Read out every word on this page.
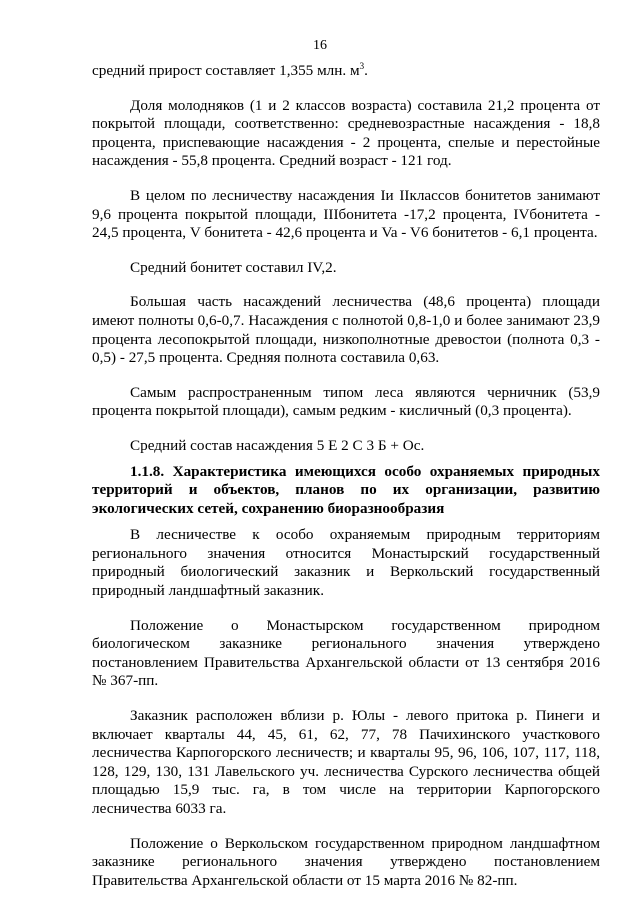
16

средний прирост составляет 1,355 млн. $м^3$.

Доля молодняков (1 и 2 классов возраста) составила 21,2 процента от покрытой площади, соответственно: средневозрастные насаждения - 18,8 процента, приспевающие насаждения - 2 процента, спелые и перестойные насаждения - 55,8 процента. Средний возраст - 121 год.

В целом по лесничеству насаждения Iи IIклассов бонитетов занимают 9,6 процента покрытой площади, IIIбонитета -17,2 процента, IVбонитета - 24,5 процента, V бонитета - 42,6 процента и Va - V6 бонитетов - 6,1 процента.

Средний бонитет составил IV,2.

Большая часть насаждений лесничества (48,6 процента) площади имеют полноты 0,6-0,7. Насаждения с полнотой 0,8-1,0 и более занимают 23,9 процента лесопокрытой площади, низкополнотные древостои (полнота 0,3 - 0,5) - 27,5 процента. Средняя полнота составила 0,63.

Самым распространенным типом леса являются черничник (53,9 процента покрытой площади), самым редким - кисличный (0,3 процента).

Средний состав насаждения 5 Е 2 С 3 Б + Ос.

1.1.8. Характеристика имеющихся особо охраняемых природных территорий и объектов, планов по их организации, развитию экологических сетей, сохранению биоразнообразия

В лесничестве к особо охраняемым природным территориям регионального значения относится Монастырский государственный природный биологический заказник и Веркольский государственный природный ландшафтный заказник.

Положение о Монастырском государственном природном биологическом заказнике регионального значения утверждено постановлением Правительства Архангельской области от 13 сентября 2016 № 367-пп.

Заказник расположен вблизи р. Юлы - левого притока р. Пинеги и включает кварталы 44, 45, 61, 62, 77, 78 Пачихинского участкового лесничества Карпогорского лесничеств; и кварталы 95, 96, 106, 107, 117, 118, 128, 129, 130, 131 Лавельского уч. лесничества Сурского лесничества общей площадью 15,9 тыс. га, в том числе на территории Карпогорского лесничества 6033 га.

Положение о Веркольском государственном природном ландшафтном заказнике регионального значения утверждено постановлением Правительства Архангельской области от 15 марта 2016 № 82-пп.
